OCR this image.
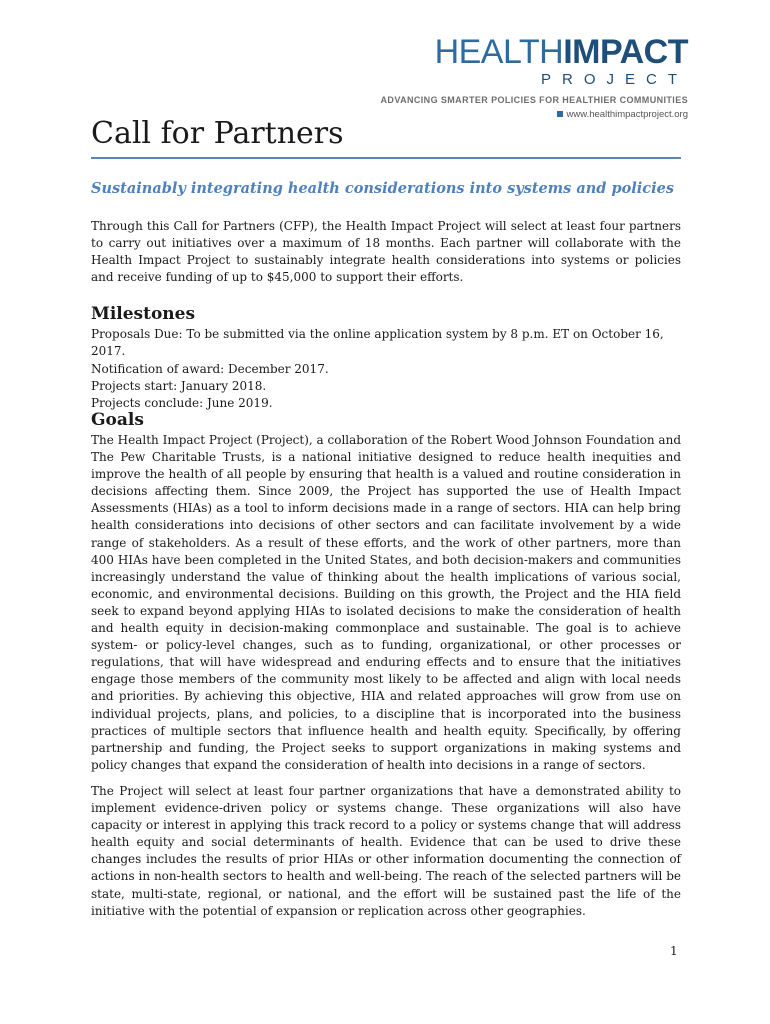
HEALTHIMPACT
PROJECT
ADVANCING SMARTER POLICIES FOR HEALTHIER COMMUNITIES
www.healthimpactproject.org
Call for Partners
Sustainably integrating health considerations into systems and policies

Through this Call for Partners (CFP), the Health Impact Project will select at least four partners to carry out initiatives over a maximum of 18 months. Each partner will collaborate with the Health Impact Project to sustainably integrate health considerations into systems or policies and receive funding of up to $45,000 to support their efforts.

Milestones
Proposals Due: To be submitted via the online application system by 8 p.m. ET on October 16, 2017.
Notification of award: December 2017.
Projects start: January 2018.
Projects conclude: June 2019.
Goals

The Health Impact Project (Project), a collaboration of the Robert Wood Johnson Foundation and The Pew Charitable Trusts, is a national initiative designed to reduce health inequities and improve the health of all people by ensuring that health is a valued and routine consideration in decisions affecting them. Since 2009, the Project has supported the use of Health Impact Assessments (HIAs) as a tool to inform decisions made in a range of sectors. HIA can help bring health considerations into decisions of other sectors and can facilitate involvement by a wide range of stakeholders. As a result of these efforts, and the work of other partners, more than 400 HIAs have been completed in the United States, and both decision-makers and communities increasingly understand the value of thinking about the health implications of various social, economic, and environmental decisions. Building on this growth, the Project and the HIA field seek to expand beyond applying HIAs to isolated decisions to make the consideration of health and health equity in decision-making commonplace and sustainable. The goal is to achieve system- or policy-level changes, such as to funding, organizational, or other processes or regulations, that will have widespread and enduring effects and to ensure that the initiatives engage those members of the community most likely to be affected and align with local needs and priorities. By achieving this objective, HIA and related approaches will grow from use on individual projects, plans, and policies, to a discipline that is incorporated into the business practices of multiple sectors that influence health and health equity. Specifically, by offering partnership and funding, the Project seeks to support organizations in making systems and policy changes that expand the consideration of health into decisions in a range of sectors.

The Project will select at least four partner organizations that have a demonstrated ability to implement evidence-driven policy or systems change. These organizations will also have capacity or interest in applying this track record to a policy or systems change that will address health equity and social determinants of health. Evidence that can be used to drive these changes includes the results of prior HIAs or other information documenting the connection of actions in non-health sectors to health and well-being. The reach of the selected partners will be state, multi-state, regional, or national, and the effort will be sustained past the life of the initiative with the potential of expansion or replication across other geographies.

1
